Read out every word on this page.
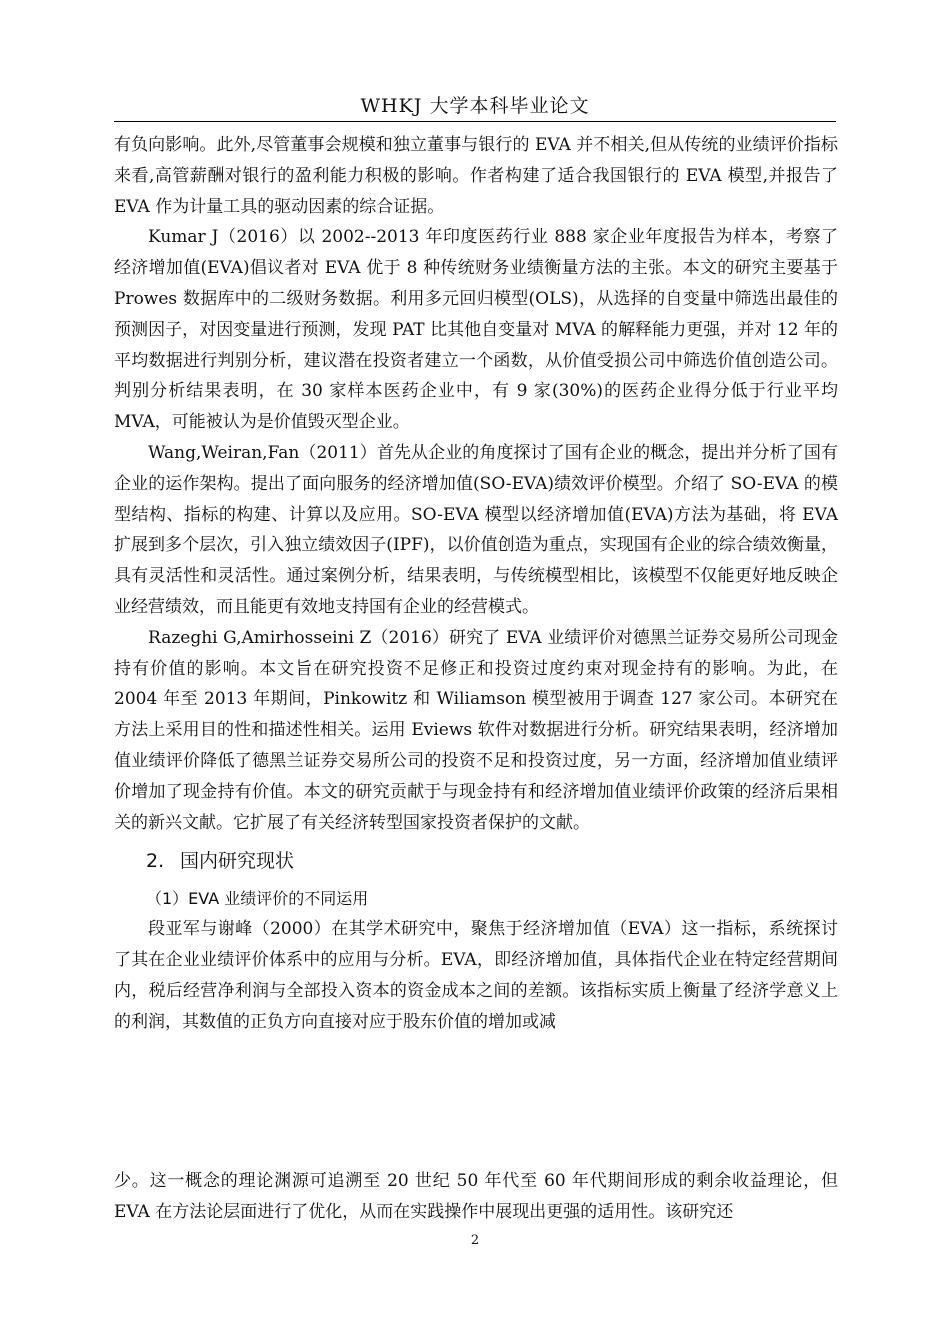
WHKJ 大学本科毕业论文

有负向影响。此外,尽管董事会规模和独立董事与银行的 EVA 并不相关,但从传统的业绩评价指标来看,高管薪酬对银行的盈利能力积极的影响。作者构建了适合我国银行的 EVA 模型,并报告了 EVA 作为计量工具的驱动因素的综合证据。

Kumar J（2016）以 2002--2013 年印度医药行业 888 家企业年度报告为样本，考察了经济增加值(EVA)倡议者对 EVA 优于 8 种传统财务业绩衡量方法的主张。本文的研究主要基于 Prowes 数据库中的二级财务数据。利用多元回归模型(OLS)，从选择的自变量中筛选出最佳的预测因子，对因变量进行预测，发现 PAT 比其他自变量对 MVA 的解释能力更强，并对 12 年的平均数据进行判别分析，建议潜在投资者建立一个函数，从价值受损公司中筛选价值创造公司。判别分析结果表明，在 30 家样本医药企业中，有 9 家(30%)的医药企业得分低于行业平均 MVA，可能被认为是价值毁灭型企业。

Wang,Weiran,Fan（2011）首先从企业的角度探讨了国有企业的概念，提出并分析了国有企业的运作架构。提出了面向服务的经济增加值(SO-EVA)绩效评价模型。介绍了 SO-EVA 的模型结构、指标的构建、计算以及应用。SO-EVA 模型以经济增加值(EVA)方法为基础，将 EVA 扩展到多个层次，引入独立绩效因子(IPF)，以价值创造为重点，实现国有企业的综合绩效衡量，具有灵活性和灵活性。通过案例分析，结果表明，与传统模型相比，该模型不仅能更好地反映企业经营绩效，而且能更有效地支持国有企业的经营模式。

Razeghi G,Amirhosseini Z（2016）研究了 EVA 业绩评价对德黑兰证券交易所公司现金持有价值的影响。本文旨在研究投资不足修正和投资过度约束对现金持有的影响。为此，在 2004 年至 2013 年期间，Pinkowitz 和 Wiliamson 模型被用于调查 127 家公司。本研究在方法上采用目的性和描述性相关。运用 Eviews 软件对数据进行分析。研究结果表明，经济增加值业绩评价降低了德黑兰证券交易所公司的投资不足和投资过度，另一方面，经济增加值业绩评价增加了现金持有价值。本文的研究贡献于与现金持有和经济增加值业绩评价政策的经济后果相关的新兴文献。它扩展了有关经济转型国家投资者保护的文献。

2. 国内研究现状

（1）EVA 业绩评价的不同运用

段亚军与谢峰（2000）在其学术研究中，聚焦于经济增加值（EVA）这一指标，系统探讨了其在企业业绩评价体系中的应用与分析。EVA，即经济增加值，具体指代企业在特定经营期间内，税后经营净利润与全部投入资本的资金成本之间的差额。该指标实质上衡量了经济学意义上的利润，其数值的正负方向直接对应于股东价值的增加或减

少。这一概念的理论渊源可追溯至 20 世纪 50 年代至 60 年代期间形成的剩余收益理论，但 EVA 在方法论层面进行了优化，从而在实践操作中展现出更强的适用性。该研究还

2
